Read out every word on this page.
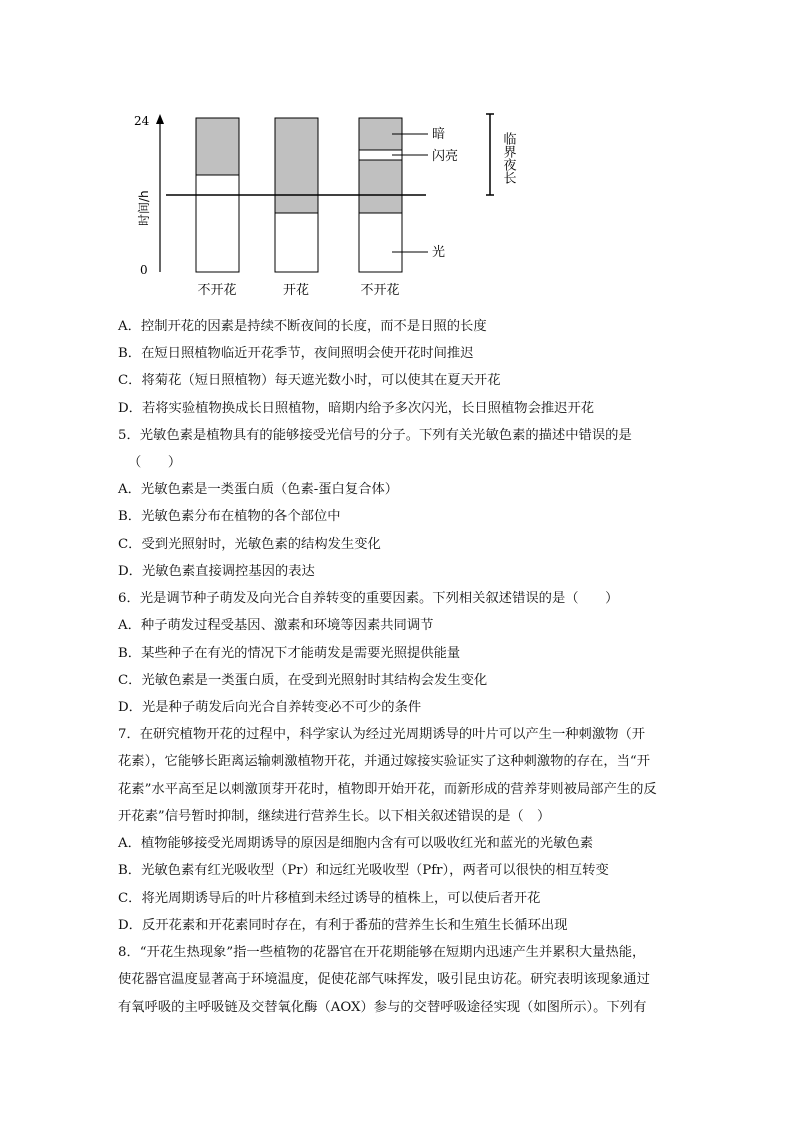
24
0
时间/h
暗
闪亮
光
临界夜长
不开花	开花	不开花
A．控制开花的因素是持续不断夜间的长度，而不是日照的长度
B．在短日照植物临近开花季节，夜间照明会使开花时间推迟
C．将菊花（短日照植物）每天遮光数小时，可以使其在夏天开花
D．若将实验植物换成长日照植物，暗期内给予多次闪光，长日照植物会推迟开花
5．光敏色素是植物具有的能够接受光信号的分子。下列有关光敏色素的描述中错误的是
（　　）
A．光敏色素是一类蛋白质（色素-蛋白复合体）
B．光敏色素分布在植物的各个部位中
C．受到光照射时，光敏色素的结构发生变化
D．光敏色素直接调控基因的表达
6．光是调节种子萌发及向光合自养转变的重要因素。下列相关叙述错误的是（　　）
A．种子萌发过程受基因、激素和环境等因素共同调节
B．某些种子在有光的情况下才能萌发是需要光照提供能量
C．光敏色素是一类蛋白质，在受到光照射时其结构会发生变化
D．光是种子萌发后向光合自养转变必不可少的条件
7．在研究植物开花的过程中，科学家认为经过光周期诱导的叶片可以产生一种刺激物（开
花素），它能够长距离运输刺激植物开花，并通过嫁接实验证实了这种刺激物的存在，当“开
花素”水平高至足以刺激顶芽开花时，植物即开始开花，而新形成的营养芽则被局部产生的反
开花素”信号暂时抑制，继续进行营养生长。以下相关叙述错误的是（　）
A．植物能够接受光周期诱导的原因是细胞内含有可以吸收红光和蓝光的光敏色素
B．光敏色素有红光吸收型（Pr）和远红光吸收型（Pfr），两者可以很快的相互转变
C．将光周期诱导后的叶片移植到未经过诱导的植株上，可以使后者开花
D．反开花素和开花素同时存在，有利于番茄的营养生长和生殖生长循环出现
8．“开花生热现象”指一些植物的花器官在开花期能够在短期内迅速产生并累积大量热能，
使花器官温度显著高于环境温度，促使花部气味挥发，吸引昆虫访花。研究表明该现象通过
有氧呼吸的主呼吸链及交替氧化酶（AOX）参与的交替呼吸途径实现（如图所示）。下列有
